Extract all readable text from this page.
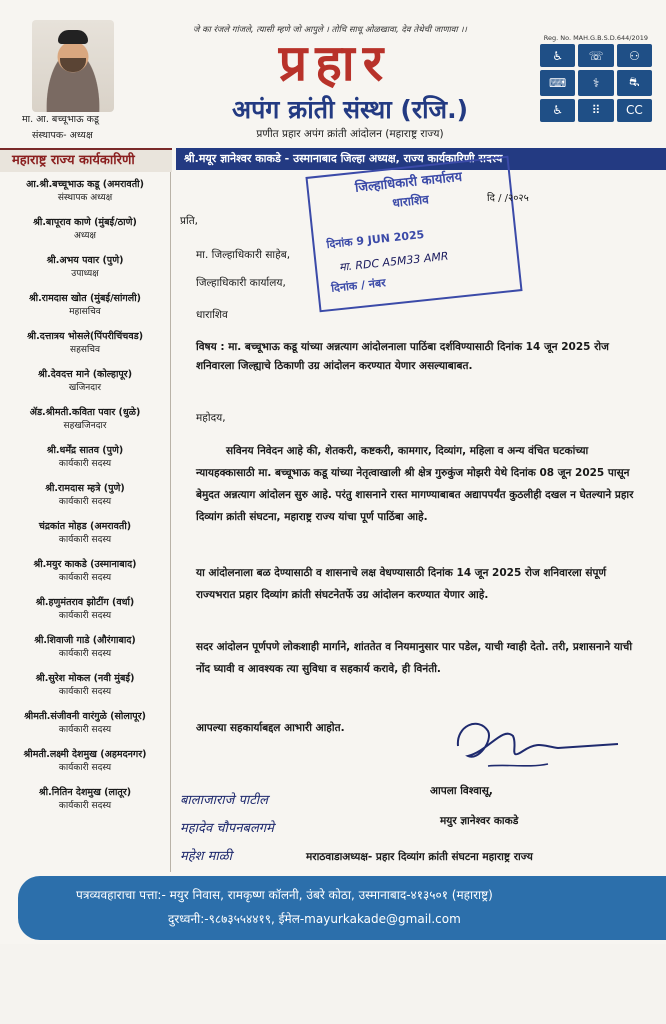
जे का रंजले गांजले, त्यासी म्हणे जो आपुले । तोचि साधू ओळखावा, देव तेथेची जाणावा ।।
Reg. No. MAH.G.B.S.D.644/2019
मा. आ. बच्चूभाऊ कडू
संस्थापक- अध्यक्ष
प्रहार
अपंग क्रांती संस्था (रजि.)
प्रणीत प्रहार अपंग क्रांती आंदोलन (महाराष्ट्र राज्य)
♿	☏	⚇
⌨	⚕	⛐
♿	⠿	CC
महाराष्ट्र राज्य कार्यकारिणी	श्री.मयूर ज्ञानेश्वर काकडे - उस्मानाबाद जिल्हा अध्यक्ष, राज्य कार्यकारिणी सदस्य
आ.श्री.बच्चूभाऊ कडू (अमरावती)
संस्थापक अध्यक्ष
श्री.बापूराव काणे (मुंबई/ठाणे)
अध्यक्ष
श्री.अभय पवार (पुणे)
उपाध्यक्ष
श्री.रामदास खोत (मुंबई/सांगली)
महासचिव
श्री.दत्तात्रय भोसले(पिंपरीचिंचवड)
सहसचिव
श्री.देवदत्त माने (कोल्हापूर)
खजिनदार
ॲड.श्रीमती.कविता पवार (धुळे)
सहखजिनदार
श्री.धर्मेंद्र सातव (पुणे)
कार्यकारी सदस्य
श्री.रामदास म्हत्रे (पुणे)
कार्यकारी सदस्य
चंद्रकांत मोहड (अमरावती)
कार्यकारी सदस्य
श्री.मयुर काकडे (उस्मानाबाद)
कार्यकारी सदस्य
श्री.हणुमंतराव झोटींग (वर्धा)
कार्यकारी सदस्य
श्री.शिवाजी गाडे (औरंगाबाद)
कार्यकारी सदस्य
श्री.सुरेश मोकल (नवी मुंबई)
कार्यकारी सदस्य
श्रीमती.संजीवनी वारंगुळे (सोलापूर)
कार्यकारी सदस्य
श्रीमती.लक्ष्मी देशमुख (अहमदनगर)
कार्यकारी सदस्य
श्री.नितिन देशमुख (लातूर)
कार्यकारी सदस्य
जिल्हाधिकारी कार्यालय
धाराशिव
दिनांक 9 JUN 2025
मा. RDC A5M33 AMR
दिनांक / नंबर
दि / /२०२५
प्रति,
मा. जिल्हाधिकारी साहेब,
जिल्हाधिकारी कार्यालय,
धाराशिव
विषय : मा. बच्चूभाऊ कडू यांच्या अन्नत्याग आंदोलनाला पाठिंबा दर्शविण्यासाठी दिनांक 14 जून 2025 रोज शनिवारला जिल्ह्याचे ठिकाणी उग्र आंदोलन करण्यात येणार असल्याबाबत.
महोदय,
सविनय निवेदन आहे की, शेतकरी, कष्टकरी, कामगार, दिव्यांग, महिला व अन्य वंचित घटकांच्या न्यायहक्कासाठी मा. बच्चूभाऊ कडू यांच्या नेतृत्वाखाली श्री क्षेत्र गुरुकुंज मोझरी येथे दिनांक 08 जून 2025 पासून बेमुदत अन्नत्याग आंदोलन सुरु आहे. परंतु शासनाने रास्त मागण्याबाबत अद्यापपर्यंत कुठलीही दखल न घेतल्याने प्रहार दिव्यांग क्रांती संघटना, महाराष्ट्र राज्य यांचा पूर्ण पाठिंबा आहे.
या आंदोलनाला बळ देण्यासाठी व शासनाचे लक्ष वेधण्यासाठी दिनांक 14 जून 2025 रोज शनिवारला संपूर्ण राज्यभरात प्रहार दिव्यांग क्रांती संघटनेतर्फे उग्र आंदोलन करण्यात येणार आहे.
सदर आंदोलन पूर्णपणे लोकशाही मार्गाने, शांततेत व नियमानुसार पार पडेल, याची ग्वाही देतो. तरी, प्रशासनाने याची नोंद घ्यावी व आवश्यक त्या सुविधा व सहकार्य करावे, ही विनंती.
आपल्या सहकार्याबद्दल आभारी आहोत.
आपला विश्वासू,
मयुर ज्ञानेश्वर काकडे
बालाजाराजे पाटील
महादेव चौपनबलगमे
महेश माळी	मराठवाडाअध्यक्ष- प्रहार दिव्यांग क्रांती संघटना महाराष्ट्र राज्य
पत्रव्यवहाराचा पत्ता:- मयुर निवास, रामकृष्ण कॉलनी, उंबरे कोठा, उस्मानाबाद-४१३५०१ (महाराष्ट्र)
दुरध्वनी:-९८७३५५४४१९, ईमेल-mayurkakade@gmail.com
